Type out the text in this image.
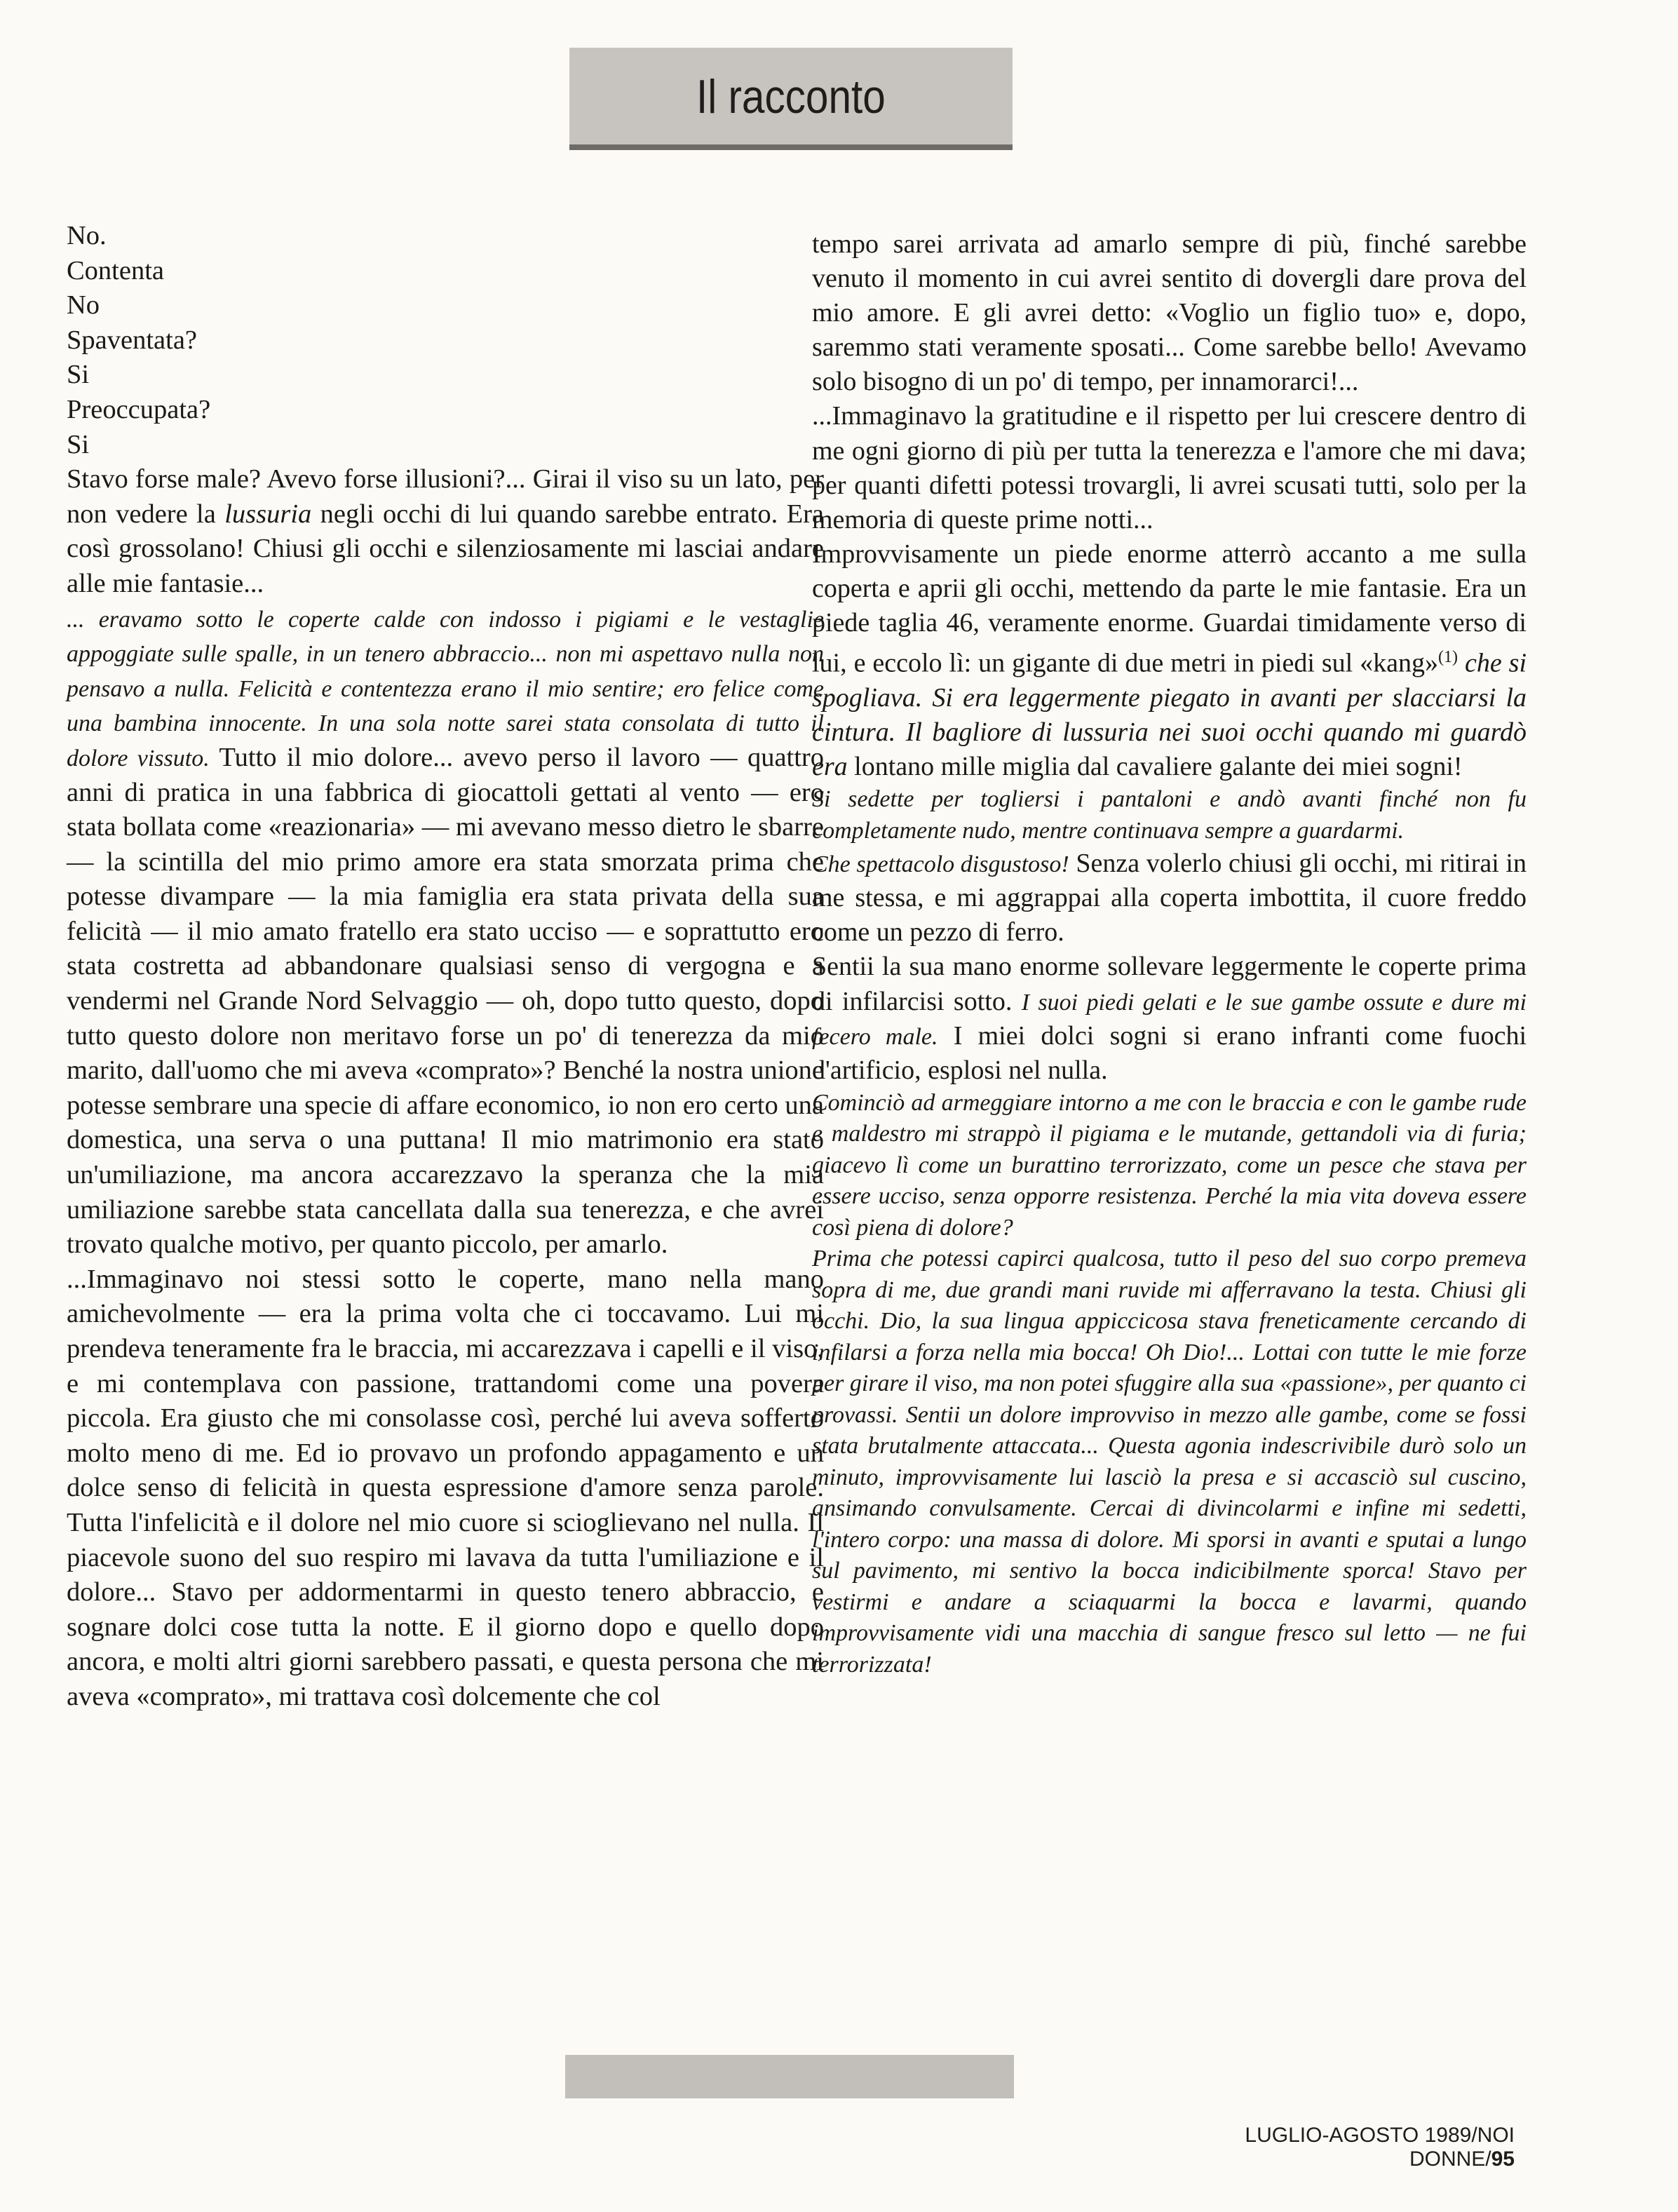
Il racconto

No.

Contenta

No

Spaventata?

Si

Preoccupata?

Si

Stavo forse male? Avevo forse illusioni?... Girai il viso su un lato, per non vedere la lussuria negli occhi di lui quando sarebbe entrato. Era così grossolano! Chiusi gli occhi e silenziosamente mi lasciai andare alle mie fantasie...

... eravamo sotto le coperte calde con indosso i pigiami e le vestaglie appoggiate sulle spalle, in un tenero abbraccio... non mi aspettavo nulla non pensavo a nulla. Felicità e contentezza erano il mio sentire; ero felice come una bambina innocente. In una sola notte sarei stata consolata di tutto il dolore vissuto. Tutto il mio dolore... avevo perso il lavoro — quattro anni di pratica in una fabbrica di giocattoli gettati al vento — ero stata bollata come «reazionaria» — mi avevano messo dietro le sbarre — la scintilla del mio primo amore era stata smorzata prima che potesse divampare — la mia famiglia era stata privata della sua felicità — il mio amato fratello era stato ucciso — e soprattutto ero stata costretta ad abbandonare qualsiasi senso di vergogna e a vendermi nel Grande Nord Selvaggio — oh, dopo tutto questo, dopo tutto questo dolore non meritavo forse un po' di tenerezza da mio marito, dall'uomo che mi aveva «comprato»? Benché la nostra unione potesse sembrare una specie di affare economico, io non ero certo una domestica, una serva o una puttana! Il mio matrimonio era stato un'umiliazione, ma ancora accarezzavo la speranza che la mia umiliazione sarebbe stata cancellata dalla sua tenerezza, e che avrei trovato qualche motivo, per quanto piccolo, per amarlo.

...Immaginavo noi stessi sotto le coperte, mano nella mano amichevolmente — era la prima volta che ci toccavamo. Lui mi prendeva teneramente fra le braccia, mi accarezzava i capelli e il viso, e mi contemplava con passione, trattandomi come una povera piccola. Era giusto che mi consolasse così, perché lui aveva sofferto molto meno di me. Ed io provavo un profondo appagamento e un dolce senso di felicità in questa espressione d'amore senza parole. Tutta l'infelicità e il dolore nel mio cuore si scioglievano nel nulla. Il piacevole suono del suo respiro mi lavava da tutta l'umiliazione e il dolore... Stavo per addormentarmi in questo tenero abbraccio, e sognare dolci cose tutta la notte. E il giorno dopo e quello dopo ancora, e molti altri giorni sarebbero passati, e questa persona che mi aveva «comprato», mi trattava così dolcemente che col

tempo sarei arrivata ad amarlo sempre di più, finché sarebbe venuto il momento in cui avrei sentito di dovergli dare prova del mio amore. E gli avrei detto: «Voglio un figlio tuo» e, dopo, saremmo stati veramente sposati... Come sarebbe bello! Avevamo solo bisogno di un po' di tempo, per innamorarci!...

...Immaginavo la gratitudine e il rispetto per lui crescere dentro di me ogni giorno di più per tutta la tenerezza e l'amore che mi dava; per quanti difetti potessi trovargli, li avrei scusati tutti, solo per la memoria di queste prime notti...

Improvvisamente un piede enorme atterrò accanto a me sulla coperta e aprii gli occhi, mettendo da parte le mie fantasie. Era un piede taglia 46, veramente enorme. Guardai timidamente verso di lui, e eccolo lì: un gigante di due metri in piedi sul «kang»$^{(1)}$ che si spogliava. Si era leggermente piegato in avanti per slacciarsi la cintura. Il bagliore di lussuria nei suoi occhi quando mi guardò era lontano mille miglia dal cavaliere galante dei miei sogni!

Si sedette per togliersi i pantaloni e andò avanti finché non fu completamente nudo, mentre continuava sempre a guardarmi.

Che spettacolo disgustoso! Senza volerlo chiusi gli occhi, mi ritirai in me stessa, e mi aggrappai alla coperta imbottita, il cuore freddo come un pezzo di ferro.

Sentii la sua mano enorme sollevare leggermente le coperte prima di infilarcisi sotto. I suoi piedi gelati e le sue gambe ossute e dure mi fecero male. I miei dolci sogni si erano infranti come fuochi d'artificio, esplosi nel nulla.

Cominciò ad armeggiare intorno a me con le braccia e con le gambe rude e maldestro mi strappò il pigiama e le mutande, gettandoli via di furia; giacevo lì come un burattino terrorizzato, come un pesce che stava per essere ucciso, senza opporre resistenza. Perché la mia vita doveva essere così piena di dolore?

Prima che potessi capirci qualcosa, tutto il peso del suo corpo premeva sopra di me, due grandi mani ruvide mi afferravano la testa. Chiusi gli occhi. Dio, la sua lingua appiccicosa stava freneticamente cercando di infilarsi a forza nella mia bocca! Oh Dio!... Lottai con tutte le mie forze per girare il viso, ma non potei sfuggire alla sua «passione», per quanto ci provassi. Sentii un dolore improvviso in mezzo alle gambe, come se fossi stata brutalmente attaccata... Questa agonia indescrivibile durò solo un minuto, improvvisamente lui lasciò la presa e si accasciò sul cuscino, ansimando convulsamente. Cercai di divincolarmi e infine mi sedetti, l'intero corpo: una massa di dolore. Mi sporsi in avanti e sputai a lungo sul pavimento, mi sentivo la bocca indicibilmente sporca! Stavo per vestirmi e andare a sciaquarmi la bocca e lavarmi, quando improvvisamente vidi una macchia di sangue fresco sul letto — ne fui terrorizzata!

LUGLIO-AGOSTO 1989/NOI DONNE/95
